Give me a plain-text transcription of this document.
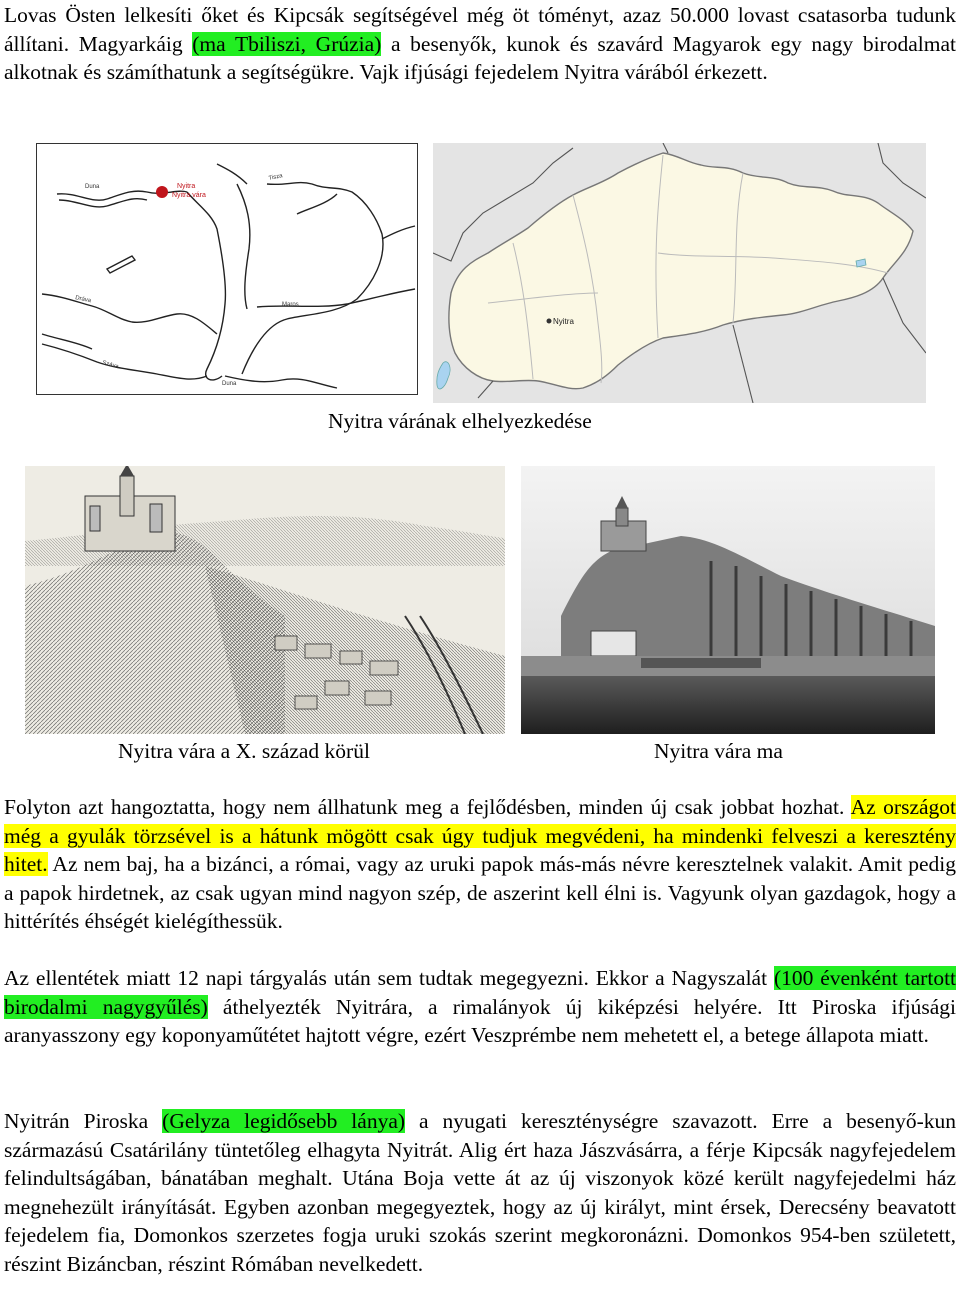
Lovas Östen lelkesíti őket és Kipcsák segítségével még öt tóményt, azaz 50.000 lovast csatasorba tudunk állítani. Magyarkáig (ma Tbiliszi, Grúzia) a besenyők, kunok és szavárd Magyarok egy nagy birodalmat alkotnak és számíthatunk a segítségükre. Vajk ifjúsági fejedelem Nyitra várából érkezett.

Nyitra
Nyitra vára
Duna
Tisza
Dráva
Maros
Száva
Duna
Nyitra
Nyitra várának elhelyezkedése
Nyitra vára a X. század körül	Nyitra vára ma

Folyton azt hangoztatta, hogy nem állhatunk meg a fejlődésben, minden új csak jobbat hozhat. Az országot még a gyulák törzsével is a hátunk mögött csak úgy tudjuk megvédeni, ha mindenki felveszi a keresztény hitet. Az nem baj, ha a bizánci, a római, vagy az uruki papok más-más névre keresztelnek valakit. Amit pedig a papok hirdetnek, az csak ugyan mind nagyon szép, de aszerint kell élni is. Vagyunk olyan gazdagok, hogy a hittérítés éhségét kielégíthessük.

Az ellentétek miatt 12 napi tárgyalás után sem tudtak megegyezni. Ekkor a Nagyszalát (100 évenként tartott birodalmi nagygyűlés) áthelyezték Nyitrára, a rimalányok új kiképzési helyére. Itt Piroska ifjúsági aranyasszony egy koponyaműtétet hajtott végre, ezért Veszprémbe nem mehetett el, a betege állapota miatt.

Nyitrán Piroska (Gelyza legidősebb lánya) a nyugati kereszténységre szavazott. Erre a besenyő-kun származású Csatárilány tüntetőleg elhagyta Nyitrát. Alig ért haza Jászvásárra, a férje Kipcsák nagyfejedelem felindultságában, bánatában meghalt. Utána Boja vette át az új viszonyok közé került nagyfejedelmi ház megnehezült irányítását. Egyben azonban megegyeztek, hogy az új királyt, mint érsek, Derecsény beavatott fejedelem fia, Domonkos szerzetes fogja uruki szokás szerint megkoronázni. Domonkos 954-ben született, részint Bizáncban, részint Rómában nevelkedett.
